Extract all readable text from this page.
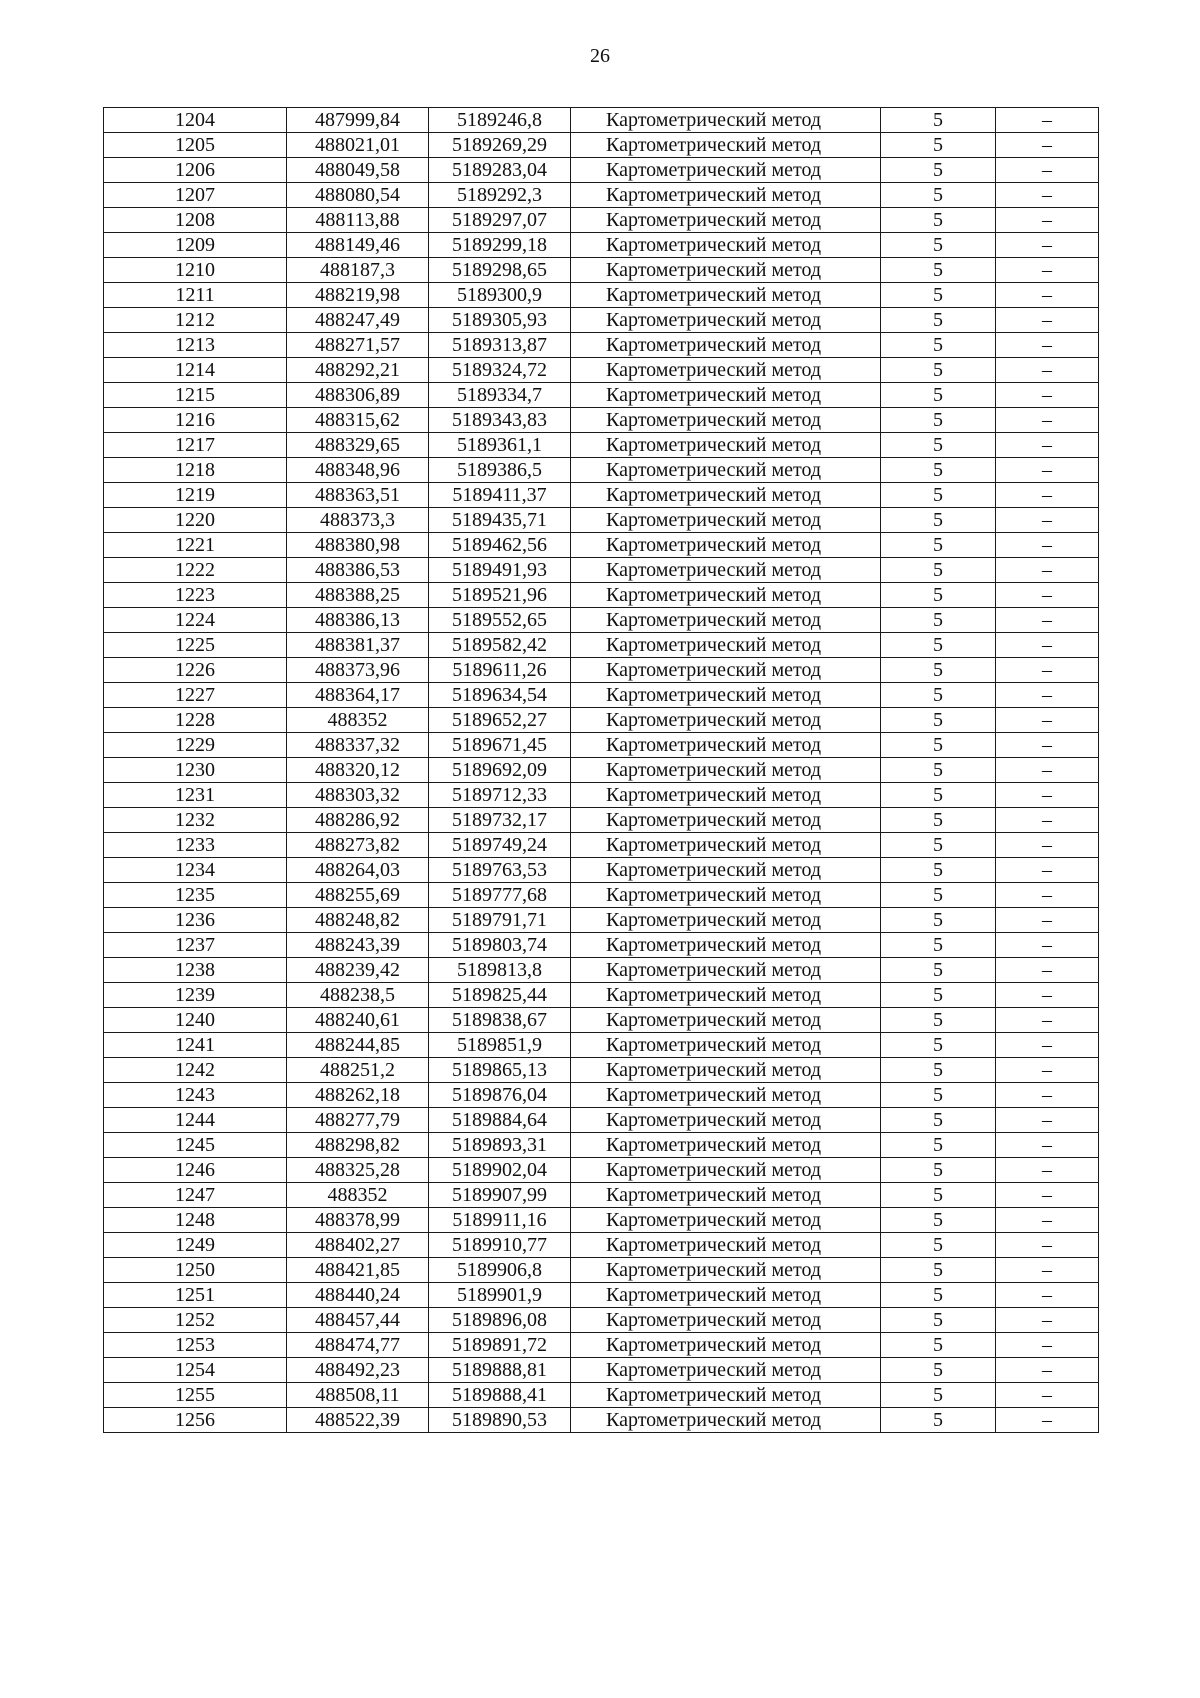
26
1204	487999,84	5189246,8	Картометрический метод	5	–
1205	488021,01	5189269,29	Картометрический метод	5	–
1206	488049,58	5189283,04	Картометрический метод	5	–
1207	488080,54	5189292,3	Картометрический метод	5	–
1208	488113,88	5189297,07	Картометрический метод	5	–
1209	488149,46	5189299,18	Картометрический метод	5	–
1210	488187,3	5189298,65	Картометрический метод	5	–
1211	488219,98	5189300,9	Картометрический метод	5	–
1212	488247,49	5189305,93	Картометрический метод	5	–
1213	488271,57	5189313,87	Картометрический метод	5	–
1214	488292,21	5189324,72	Картометрический метод	5	–
1215	488306,89	5189334,7	Картометрический метод	5	–
1216	488315,62	5189343,83	Картометрический метод	5	–
1217	488329,65	5189361,1	Картометрический метод	5	–
1218	488348,96	5189386,5	Картометрический метод	5	–
1219	488363,51	5189411,37	Картометрический метод	5	–
1220	488373,3	5189435,71	Картометрический метод	5	–
1221	488380,98	5189462,56	Картометрический метод	5	–
1222	488386,53	5189491,93	Картометрический метод	5	–
1223	488388,25	5189521,96	Картометрический метод	5	–
1224	488386,13	5189552,65	Картометрический метод	5	–
1225	488381,37	5189582,42	Картометрический метод	5	–
1226	488373,96	5189611,26	Картометрический метод	5	–
1227	488364,17	5189634,54	Картометрический метод	5	–
1228	488352	5189652,27	Картометрический метод	5	–
1229	488337,32	5189671,45	Картометрический метод	5	–
1230	488320,12	5189692,09	Картометрический метод	5	–
1231	488303,32	5189712,33	Картометрический метод	5	–
1232	488286,92	5189732,17	Картометрический метод	5	–
1233	488273,82	5189749,24	Картометрический метод	5	–
1234	488264,03	5189763,53	Картометрический метод	5	–
1235	488255,69	5189777,68	Картометрический метод	5	–
1236	488248,82	5189791,71	Картометрический метод	5	–
1237	488243,39	5189803,74	Картометрический метод	5	–
1238	488239,42	5189813,8	Картометрический метод	5	–
1239	488238,5	5189825,44	Картометрический метод	5	–
1240	488240,61	5189838,67	Картометрический метод	5	–
1241	488244,85	5189851,9	Картометрический метод	5	–
1242	488251,2	5189865,13	Картометрический метод	5	–
1243	488262,18	5189876,04	Картометрический метод	5	–
1244	488277,79	5189884,64	Картометрический метод	5	–
1245	488298,82	5189893,31	Картометрический метод	5	–
1246	488325,28	5189902,04	Картометрический метод	5	–
1247	488352	5189907,99	Картометрический метод	5	–
1248	488378,99	5189911,16	Картометрический метод	5	–
1249	488402,27	5189910,77	Картометрический метод	5	–
1250	488421,85	5189906,8	Картометрический метод	5	–
1251	488440,24	5189901,9	Картометрический метод	5	–
1252	488457,44	5189896,08	Картометрический метод	5	–
1253	488474,77	5189891,72	Картометрический метод	5	–
1254	488492,23	5189888,81	Картометрический метод	5	–
1255	488508,11	5189888,41	Картометрический метод	5	–
1256	488522,39	5189890,53	Картометрический метод	5	–
